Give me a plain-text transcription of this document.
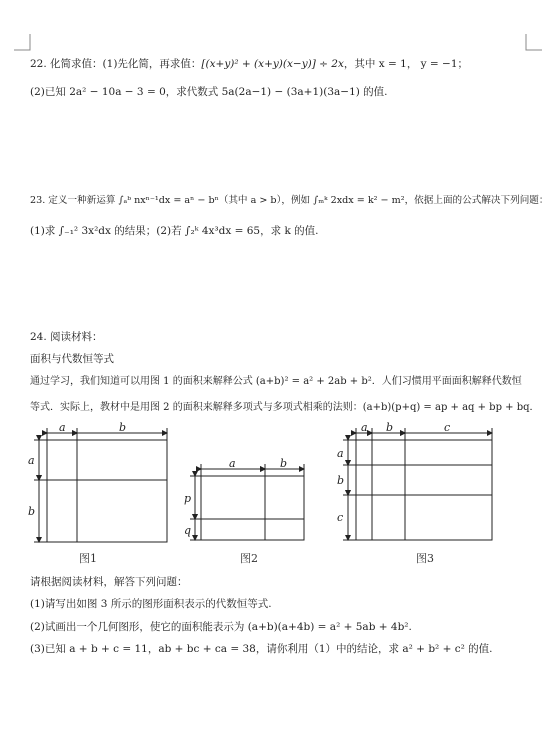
22. 化简求值：(1)先化简，再求值：[(x+y)² + (x+y)(x−y)] ÷ 2x，其中 x = 1， y = −1；
(2)已知 2a² − 10a − 3 = 0，求代数式 5a(2a−1) − (3a+1)(3a−1) 的值.
23. 定义一种新运算 ∫ₐᵇ nxⁿ⁻¹dx = aⁿ − bⁿ（其中 a > b），例如 ∫ₘᵏ 2xdx = k² − m²，依据上面的公式解决下列问题：
(1)求 ∫₋₁² 3x²dx 的结果；(2)若 ∫₂ᵏ 4x³dx = 65，求 k 的值.
24. 阅读材料：
面积与代数恒等式
通过学习，我们知道可以用图 1 的面积来解释公式 (a+b)² = a² + 2ab + b²．人们习惯用平面面积解释代数恒
等式．实际上，教材中是用图 2 的面积来解释多项式与多项式相乘的法则：(a+b)(p+q) = ap + aq + bp + bq．
a	b
a
b
图1
a	b
p
q
图2
a b	c
a
b
c
图3
请根据阅读材料，解答下列问题：
(1)请写出如图 3 所示的图形面积表示的代数恒等式.
(2)试画出一个几何图形，使它的面积能表示为 (a+b)(a+4b) = a² + 5ab + 4b².
(3)已知 a + b + c = 11，ab + bc + ca = 38，请你利用（1）中的结论，求 a² + b² + c² 的值.
